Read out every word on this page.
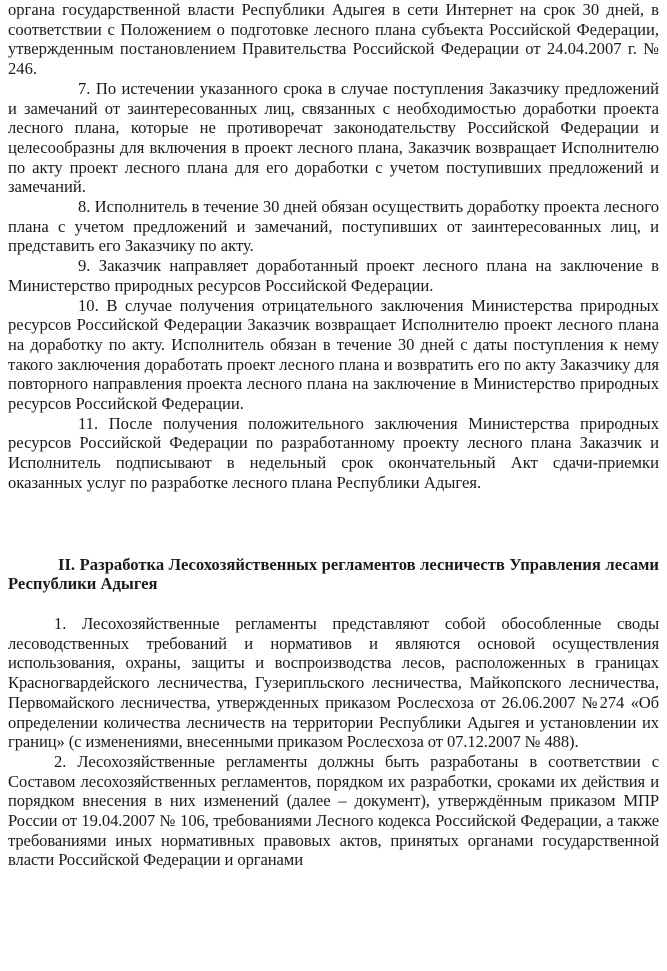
органа государственной власти Республики Адыгея в сети Интернет на срок 30 дней, в соответствии с Положением о подготовке лесного плана субъекта Российской Федерации, утвержденным постановлением Правительства Российской Федерации от 24.04.2007 г. № 246.

7. По истечении указанного срока в случае поступления Заказчику предложений и замечаний от заинтересованных лиц, связанных с необходимостью доработки проекта лесного плана, которые не противоречат законодательству Российской Федерации и целесообразны для включения в проект лесного плана, Заказчик возвращает Исполнителю по акту проект лесного плана для его доработки с учетом поступивших предложений и замечаний.

8. Исполнитель в течение 30 дней обязан осуществить доработку проекта лесного плана с учетом предложений и замечаний, поступивших от заинтересованных лиц, и представить его Заказчику по акту.

9. Заказчик направляет доработанный проект лесного плана на заключение в Министерство природных ресурсов Российской Федерации.

10. В случае получения отрицательного заключения Министерства природных ресурсов Российской Федерации Заказчик возвращает Исполнителю проект лесного плана на доработку по акту. Исполнитель обязан в течение 30 дней с даты поступления к нему такого заключения доработать проект лесного плана и возвратить его по акту Заказчику для повторного направления проекта лесного плана на заключение в Министерство природных ресурсов Российской Федерации.

11. После получения положительного заключения Министерства природных ресурсов Российской Федерации по разработанному проекту лесного плана Заказчик и Исполнитель подписывают в недельный срок окончательный Акт сдачи-приемки оказанных услуг по разработке лесного плана Республики Адыгея.

II. Разработка Лесохозяйственных регламентов лесничеств Управления лесами Республики Адыгея

1. Лесохозяйственные регламенты представляют собой обособленные своды лесоводственных требований и нормативов и являются основой осуществления использования, охраны, защиты и воспроизводства лесов, расположенных в границах Красногвардейского лесничества, Гузерипльского лесничества, Майкопского лесничества, Первомайского лесничества, утвержденных приказом Рослесхоза от 26.06.2007 №274 «Об определении количества лесничеств на территории Республики Адыгея и установлении их границ» (с изменениями, внесенными приказом Рослесхоза от 07.12.2007 № 488).

2. Лесохозяйственные регламенты должны быть разработаны в соответствии с Составом лесохозяйственных регламентов, порядком их разработки, сроками их действия и порядком внесения в них изменений (далее – документ), утверждённым приказом МПР России от 19.04.2007 № 106, требованиями Лесного кодекса Российской Федерации, а также требованиями иных нормативных правовых актов, принятых органами государственной власти Российской Федерации и органами
